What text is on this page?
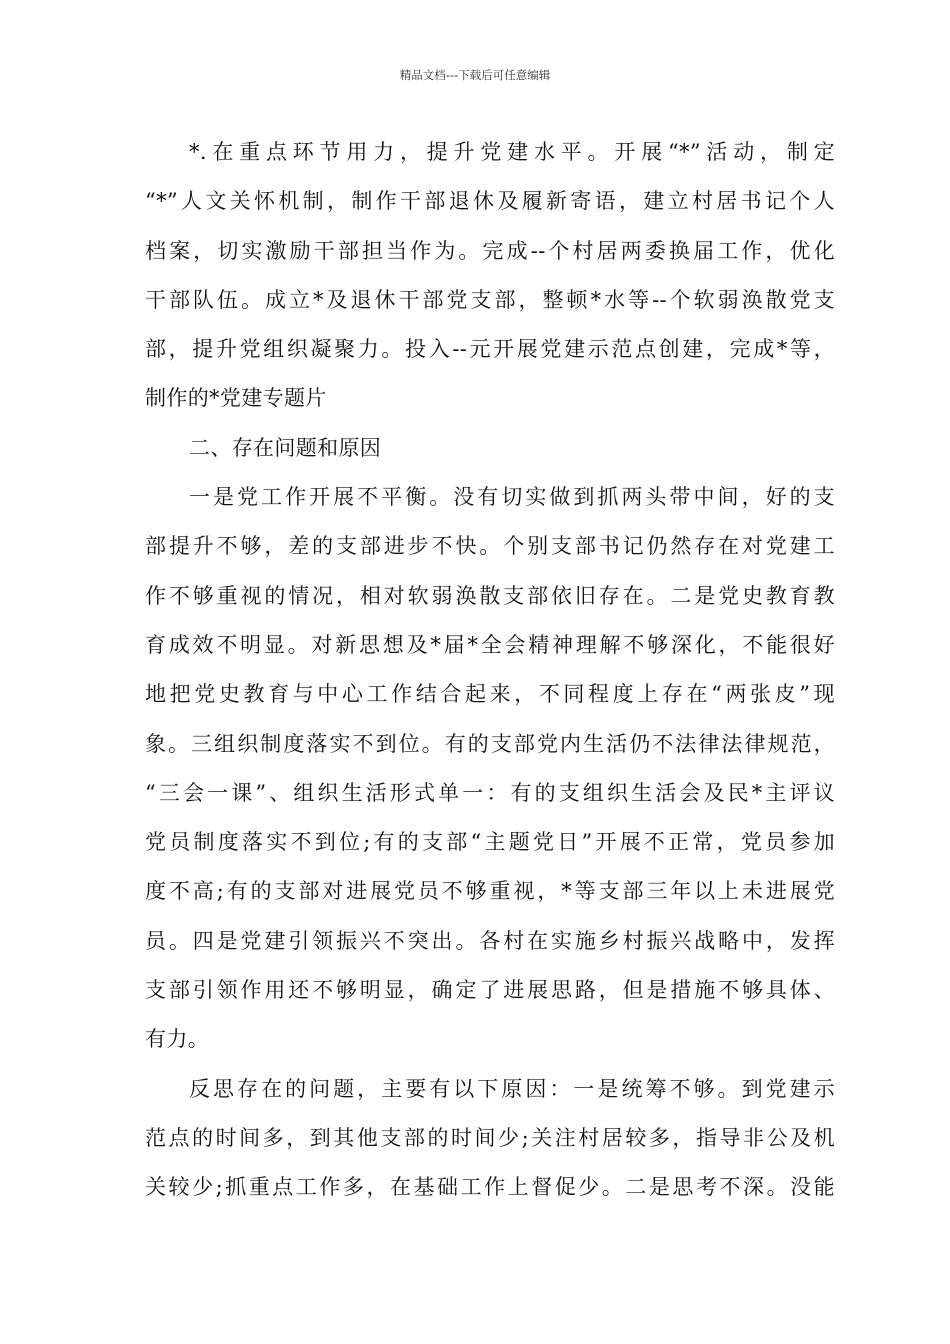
精品文档---下载后可任意编辑
*.在重点环节用力，提升党建水平。开展“*”活动，制定
“*”人文关怀机制，制作干部退休及履新寄语，建立村居书记个人
档案，切实激励干部担当作为。完成--个村居两委换届工作，优化
干部队伍。成立*及退休干部党支部，整顿*水等--个软弱涣散党支
部，提升党组织凝聚力。投入--元开展党建示范点创建，完成*等，
制作的*党建专题片
二、存在问题和原因
一是党工作开展不平衡。没有切实做到抓两头带中间，好的支
部提升不够，差的支部进步不快。个别支部书记仍然存在对党建工
作不够重视的情况，相对软弱涣散支部依旧存在。二是党史教育教
育成效不明显。对新思想及*届*全会精神理解不够深化，不能很好
地把党史教育与中心工作结合起来，不同程度上存在“两张皮”现
象。三组织制度落实不到位。有的支部党内生活仍不法律法律规范，
“三会一课”、组织生活形式单一：有的支组织生活会及民*主评议
党员制度落实不到位;有的支部“主题党日”开展不正常，党员参加
度不高;有的支部对进展党员不够重视，*等支部三年以上未进展党
员。四是党建引领振兴不突出。各村在实施乡村振兴战略中，发挥
支部引领作用还不够明显，确定了进展思路，但是措施不够具体、
有力。
反思存在的问题，主要有以下原因：一是统筹不够。到党建示
范点的时间多，到其他支部的时间少;关注村居较多，指导非公及机
关较少;抓重点工作多，在基础工作上督促少。二是思考不深。没能
